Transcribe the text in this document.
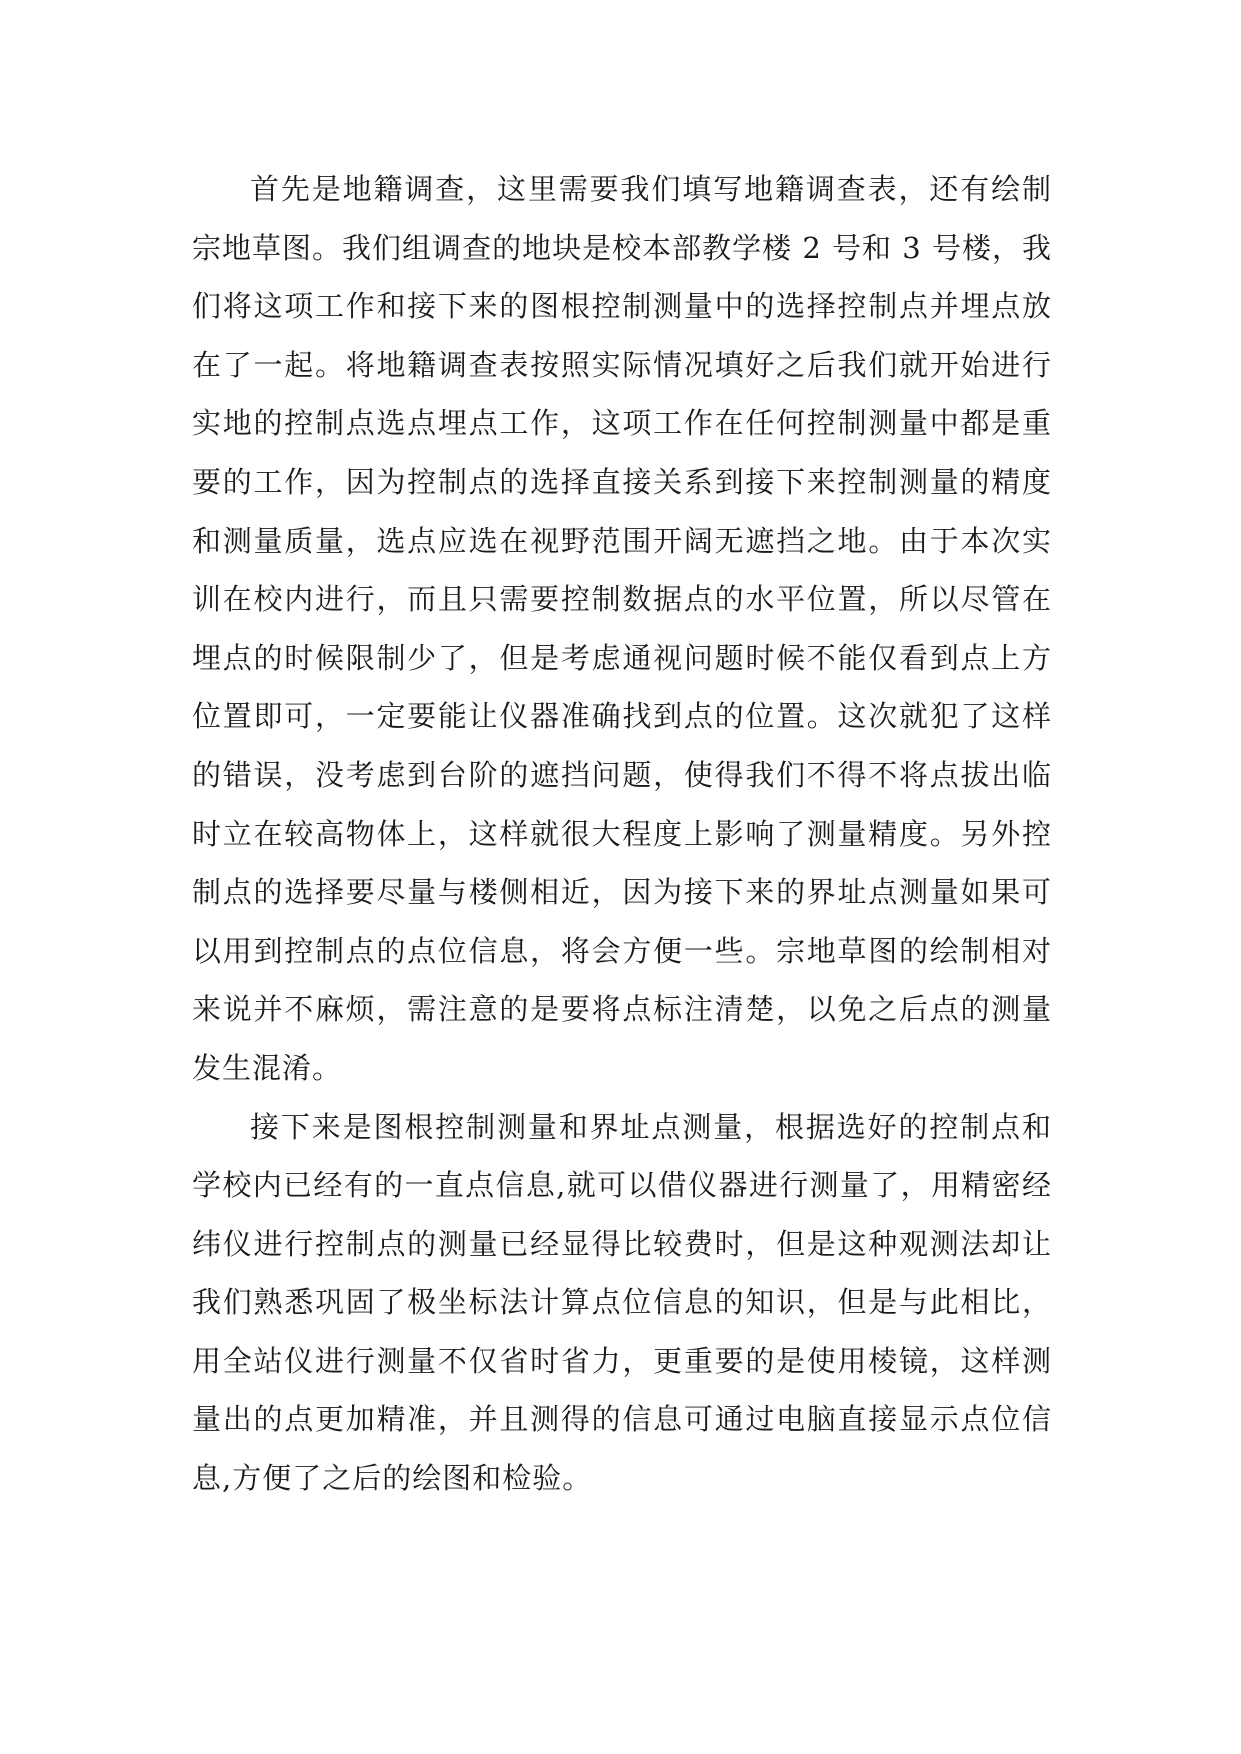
首先是地籍调查，这里需要我们填写地籍调查表，还有绘制宗地草图。我们组调查的地块是校本部教学楼 2 号和 3 号楼，我们将这项工作和接下来的图根控制测量中的选择控制点并埋点放在了一起。将地籍调查表按照实际情况填好之后我们就开始进行实地的控制点选点埋点工作，这项工作在任何控制测量中都是重要的工作，因为控制点的选择直接关系到接下来控制测量的精度和测量质量，选点应选在视野范围开阔无遮挡之地。由于本次实训在校内进行，而且只需要控制数据点的水平位置，所以尽管在埋点的时候限制少了，但是考虑通视问题时候不能仅看到点上方位置即可，一定要能让仪器准确找到点的位置。这次就犯了这样的错误，没考虑到台阶的遮挡问题，使得我们不得不将点拔出临时立在较高物体上，这样就很大程度上影响了测量精度。另外控制点的选择要尽量与楼侧相近，因为接下来的界址点测量如果可以用到控制点的点位信息，将会方便一些。宗地草图的绘制相对来说并不麻烦，需注意的是要将点标注清楚，以免之后点的测量发生混淆。

接下来是图根控制测量和界址点测量，根据选好的控制点和学校内已经有的一直点信息,就可以借仪器进行测量了，用精密经纬仪进行控制点的测量已经显得比较费时，但是这种观测法却让我们熟悉巩固了极坐标法计算点位信息的知识，但是与此相比，用全站仪进行测量不仅省时省力，更重要的是使用棱镜，这样测量出的点更加精准，并且测得的信息可通过电脑直接显示点位信息,方便了之后的绘图和检验。
